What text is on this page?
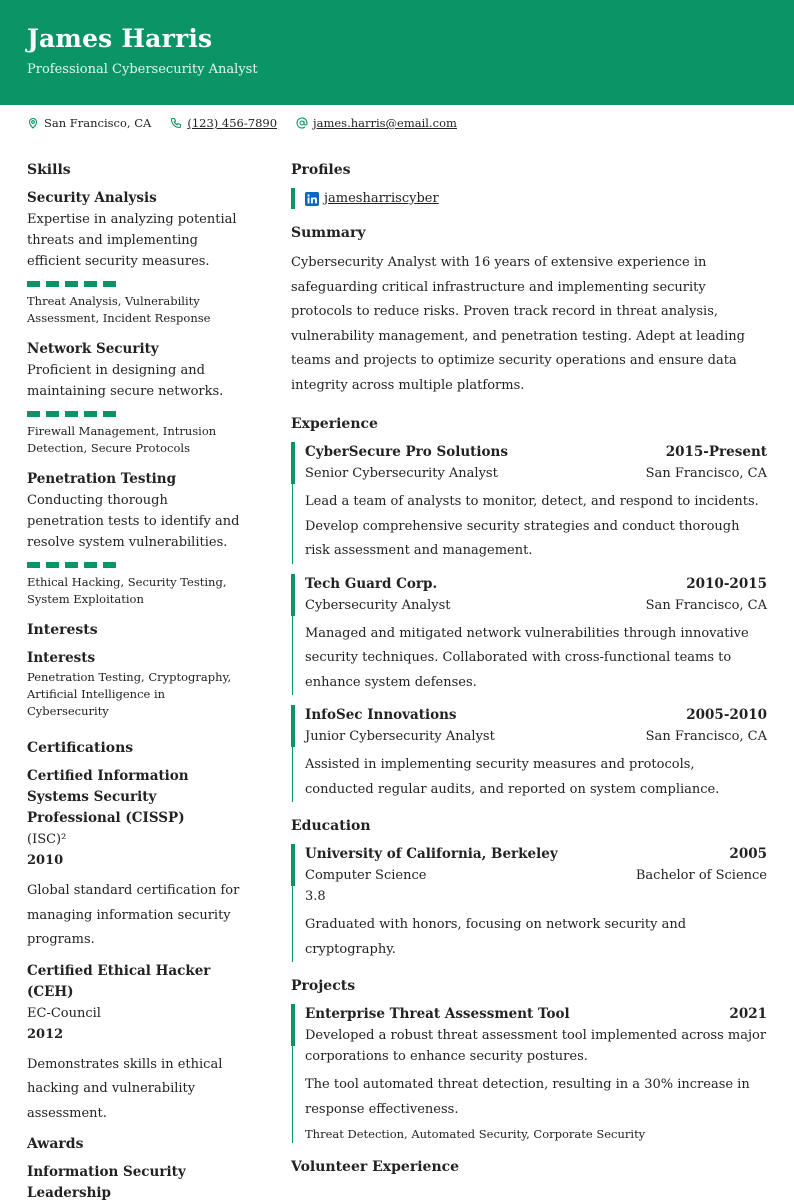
James Harris
Professional Cybersecurity Analyst
San Francisco, CA	(123) 456-7890	james.harris@email.com
Skills
Security Analysis
Expertise in analyzing potential threats and implementing efficient security measures.
Threat Analysis, Vulnerability Assessment, Incident Response
Network Security
Proficient in designing and maintaining secure networks.
Firewall Management, Intrusion Detection, Secure Protocols
Penetration Testing
Conducting thorough penetration tests to identify and resolve system vulnerabilities.
Ethical Hacking, Security Testing, System Exploitation
Interests
Interests
Penetration Testing, Cryptography, Artificial Intelligence in Cybersecurity
Certifications
Certified Information Systems Security Professional (CISSP)
(ISC)²
2010
Global standard certification for managing information security programs.
Certified Ethical Hacker (CEH)
EC-Council
2012
Demonstrates skills in ethical hacking and vulnerability assessment.
Awards
Information Security Leadership
Profiles
jamesharriscyber
Summary
Cybersecurity Analyst with 16 years of extensive experience in safeguarding critical infrastructure and implementing security protocols to reduce risks. Proven track record in threat analysis, vulnerability management, and penetration testing. Adept at leading teams and projects to optimize security operations and ensure data integrity across multiple platforms.
Experience
CyberSecure Pro Solutions	2015-Present
Senior Cybersecurity Analyst	San Francisco, CA
Lead a team of analysts to monitor, detect, and respond to incidents. Develop comprehensive security strategies and conduct thorough risk assessment and management.
Tech Guard Corp.	2010-2015
Cybersecurity Analyst	San Francisco, CA
Managed and mitigated network vulnerabilities through innovative security techniques. Collaborated with cross-functional teams to enhance system defenses.
InfoSec Innovations	2005-2010
Junior Cybersecurity Analyst	San Francisco, CA
Assisted in implementing security measures and protocols, conducted regular audits, and reported on system compliance.
Education
University of California, Berkeley	2005
Computer Science	Bachelor of Science
3.8
Graduated with honors, focusing on network security and cryptography.
Projects
Enterprise Threat Assessment Tool	2021
Developed a robust threat assessment tool implemented across major corporations to enhance security postures.
The tool automated threat detection, resulting in a 30% increase in response effectiveness.
Threat Detection, Automated Security, Corporate Security
Volunteer Experience
